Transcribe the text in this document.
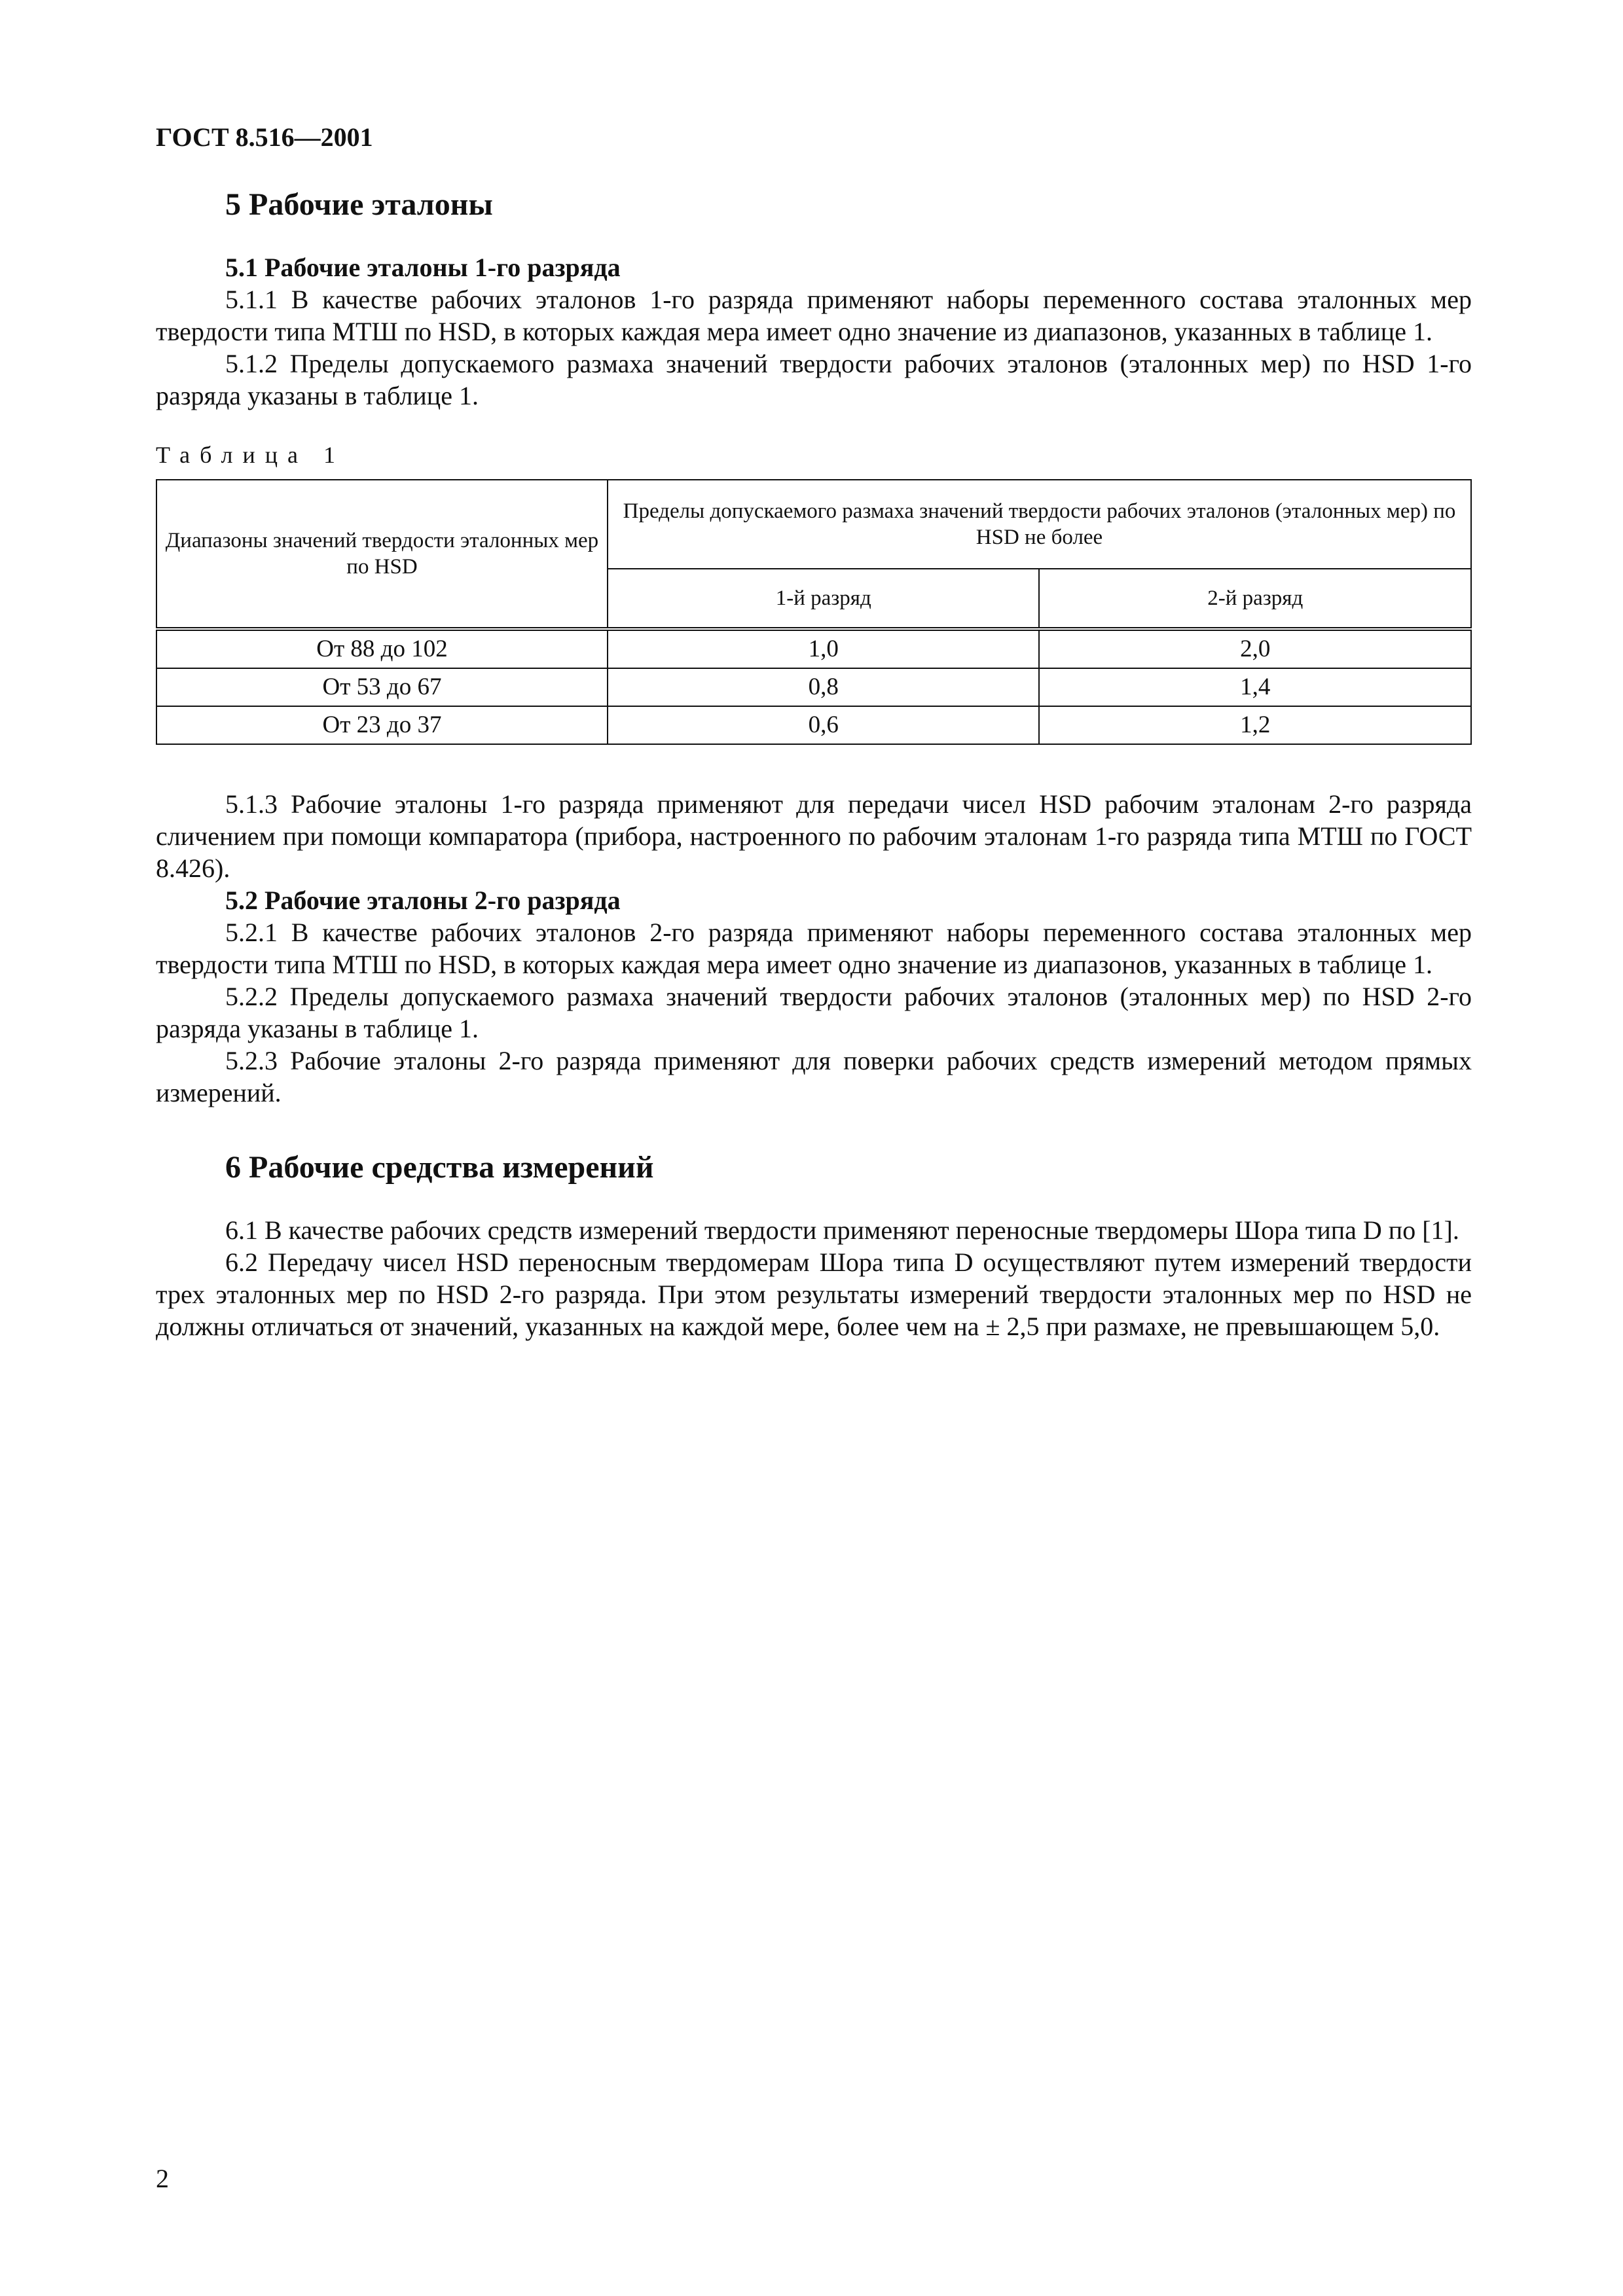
ГОСТ 8.516—2001
5 Рабочие эталоны

5.1 Рабочие эталоны 1-го разряда

5.1.1 В качестве рабочих эталонов 1-го разряда применяют наборы переменного состава эталонных мер твердости типа МТШ по HSD, в которых каждая мера имеет одно значение из диапазонов, указанных в таблице 1.

5.1.2 Пределы допускаемого размаха значений твердости рабочих эталонов (эталонных мер) по HSD 1-го разряда указаны в таблице 1.

Таблица 1
Диапазоны значений твердости эталонных мер по HSD	Пределы допускаемого размаха значений твердости рабочих эталонов (эталонных мер) по HSD не более	
	1-й разряд	2-й разряд
От 88 до 102	1,0	2,0
От 53 до 67	0,8	1,4
От 23 до 37	0,6	1,2

5.1.3 Рабочие эталоны 1-го разряда применяют для передачи чисел HSD рабочим эталонам 2-го разряда сличением при помощи компаратора (прибора, настроенного по рабочим эталонам 1-го разряда типа МТШ по ГОСТ 8.426).

5.2 Рабочие эталоны 2-го разряда

5.2.1 В качестве рабочих эталонов 2-го разряда применяют наборы переменного состава эталонных мер твердости типа МТШ по HSD, в которых каждая мера имеет одно значение из диапазонов, указанных в таблице 1.

5.2.2 Пределы допускаемого размаха значений твердости рабочих эталонов (эталонных мер) по HSD 2-го разряда указаны в таблице 1.

5.2.3 Рабочие эталоны 2-го разряда применяют для поверки рабочих средств измерений методом прямых измерений.

6 Рабочие средства измерений

6.1 В качестве рабочих средств измерений твердости применяют переносные твердомеры Шора типа D по [1].

6.2 Передачу чисел HSD переносным твердомерам Шора типа D осуществляют путем измерений твердости трех эталонных мер по HSD 2-го разряда. При этом результаты измерений твердости эталонных мер по HSD не должны отличаться от значений, указанных на каждой мере, более чем на ± 2,5 при размахе, не превышающем 5,0.

2
